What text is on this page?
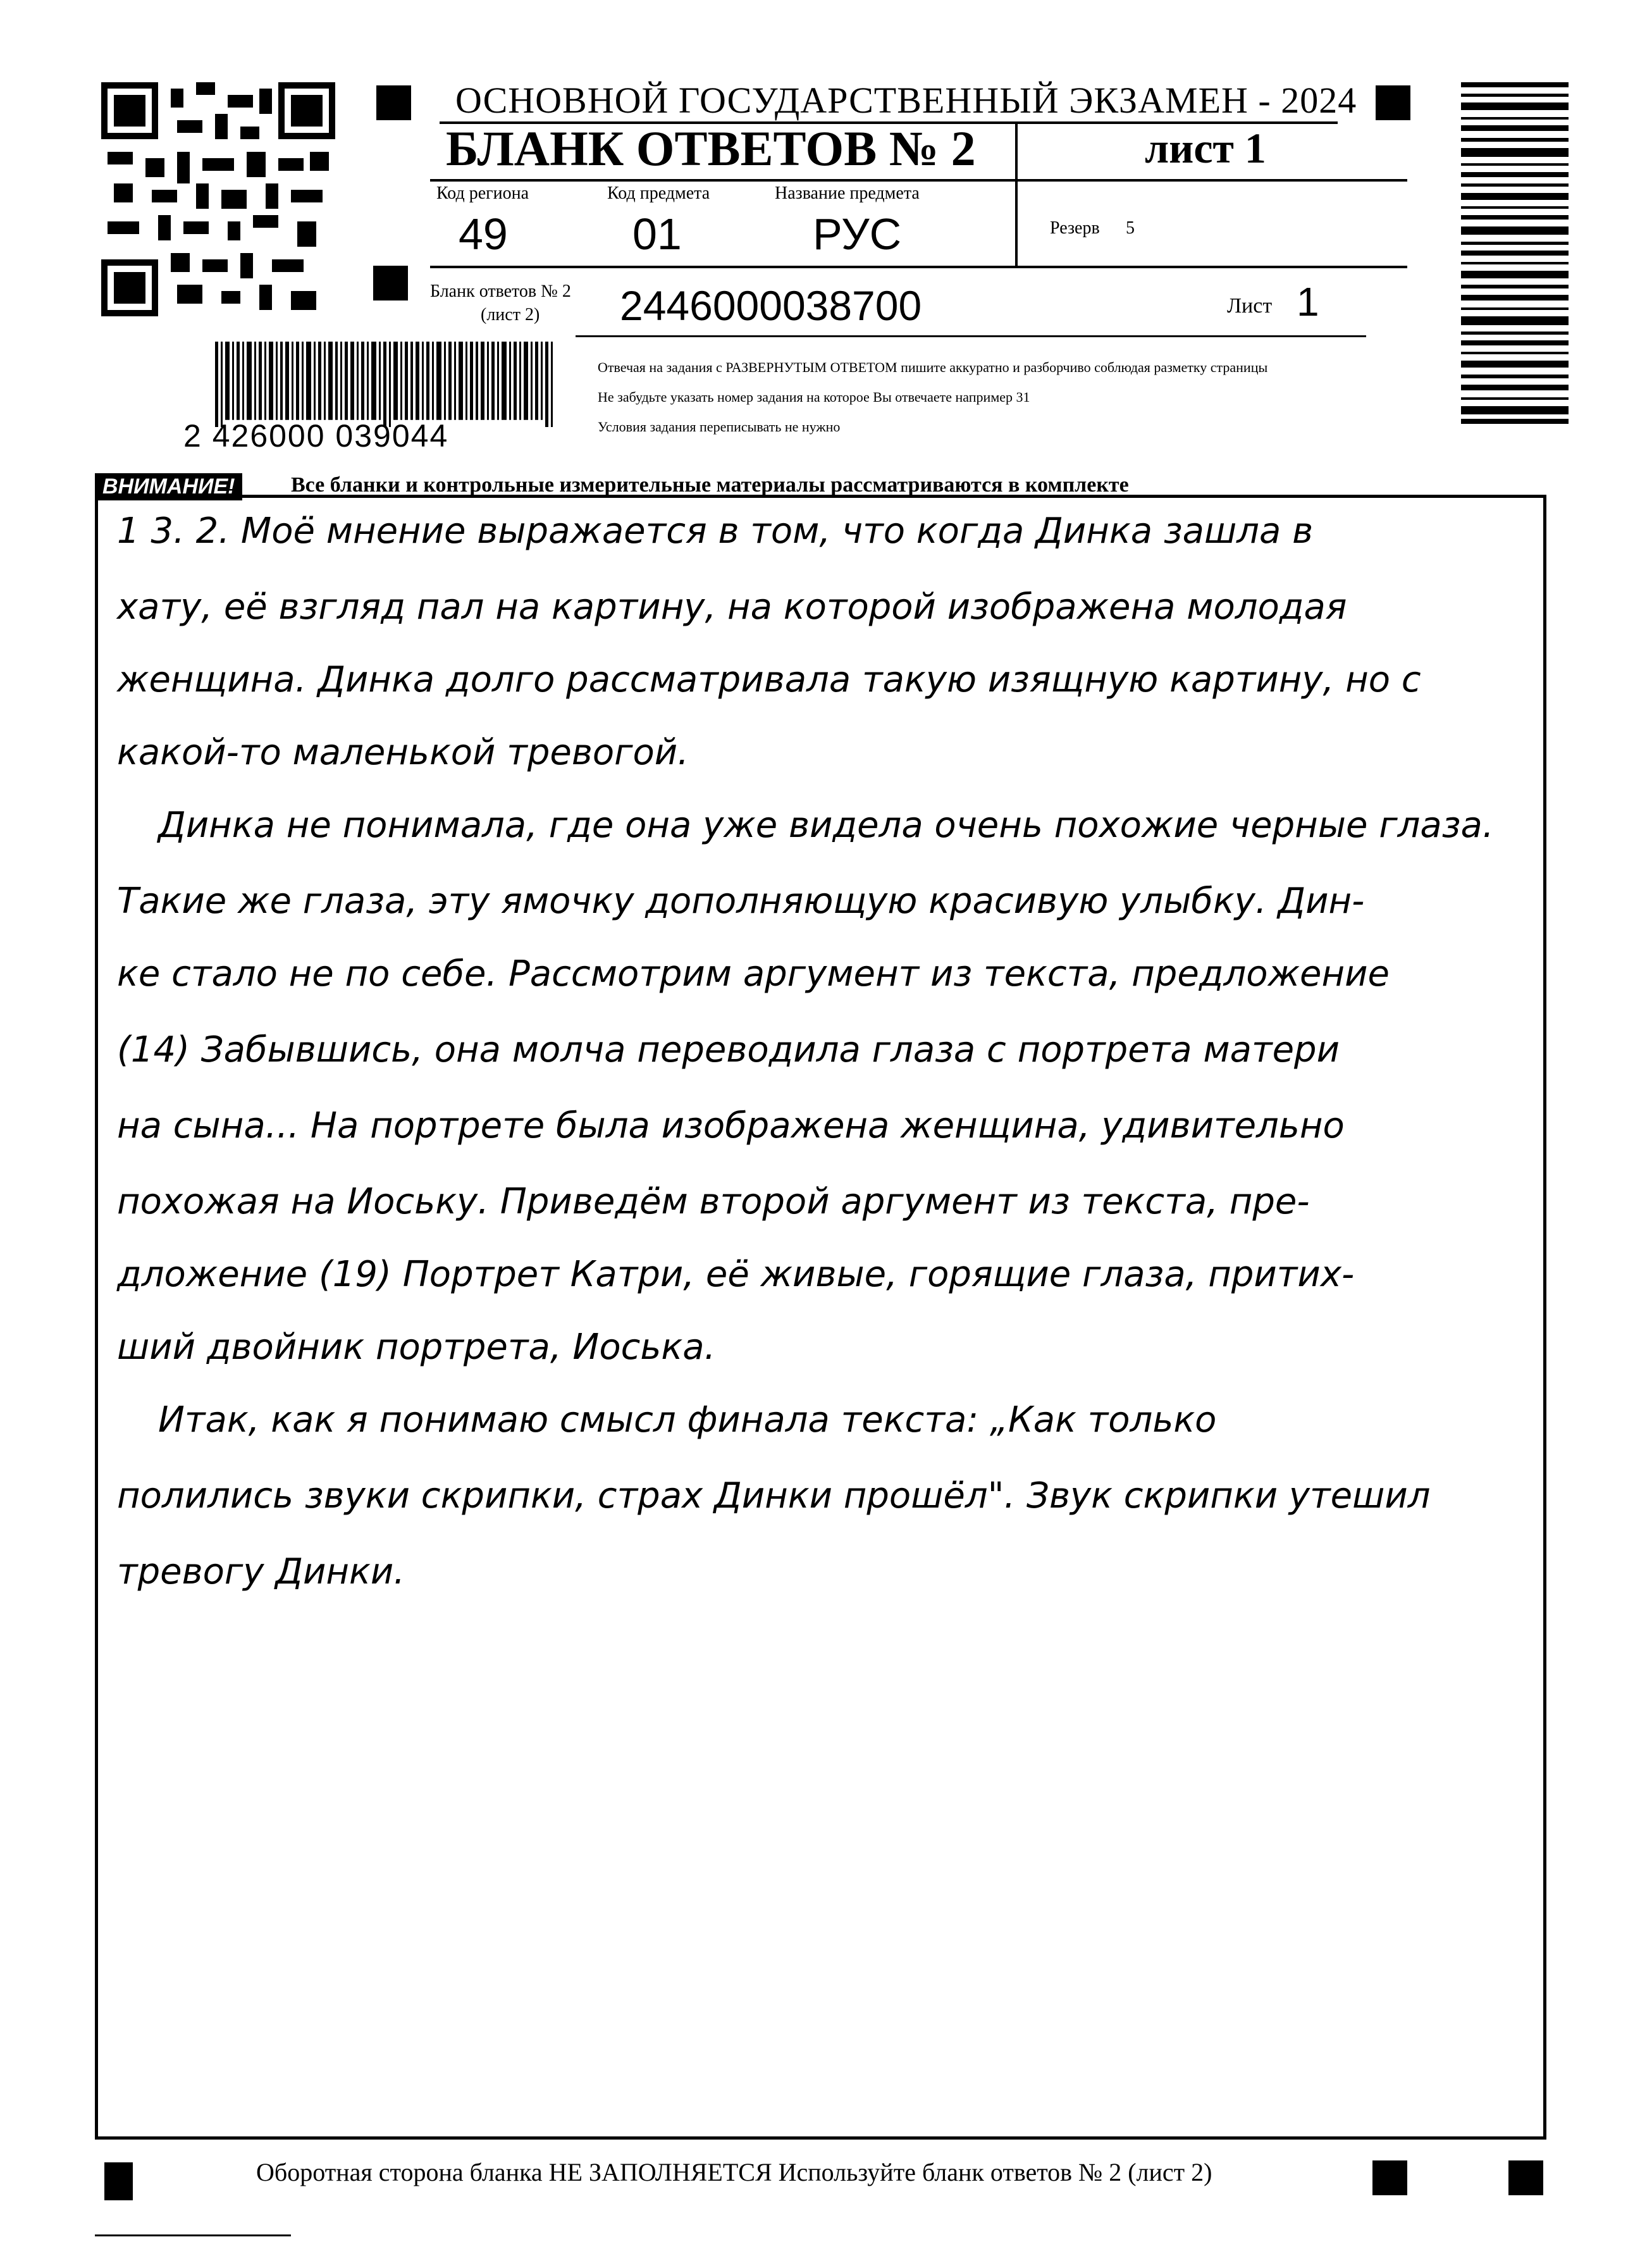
2 426000 039044
ОСНОВНОЙ ГОСУДАРСТВЕННЫЙ ЭКЗАМЕН - 2024
БЛАНК ОТВЕТОВ № 2	лист 1
Код региона
49
Код предмета
01
Название предмета
РУС	Резерв 5
Бланк ответов № 2
(лист 2) 2446000038700	Лист 1
Отвечая на задания с РАЗВЕРНУТЫМ ОТВЕТОМ пишите аккуратно и разборчиво соблюдая разметку страницы
Не забудьте указать номер задания на которое Вы отвечаете например 31
Условия задания переписывать не нужно
ВНИМАНИЕ!	Все бланки и контрольные измерительные материалы рассматриваются в комплекте
1 3. 2. Моё мнение выражается в том, что когда Динка зашла в
хату, её взгляд пал на картину, на которой изображена молодая
женщина. Динка долго рассматривала такую изящную картину, но с
какой-то маленькой тревогой.
Динка не понимала, где она уже видела очень похожие черные глаза.
Такие же глаза, эту ямочку дополняющую красивую улыбку. Дин-
ке стало не по себе. Рассмотрим аргумент из текста, предложение
(14) Забывшись, она молча переводила глаза с портрета матери
на сына... На портрете была изображена женщина, удивительно
похожая на Иоську. Приведём второй аргумент из текста, пре-
дложение (19) Портрет Катри, её живые, горящие глаза, притих-
ший двойник портрета, Иоська.
Итак, как я понимаю смысл финала текста: „Как только
полились звуки скрипки, страх Динки прошёл". Звук скрипки утешил
тревогу Динки.
Оборотная сторона бланка НЕ ЗАПОЛНЯЕТСЯ Используйте бланк ответов № 2 (лист 2)
